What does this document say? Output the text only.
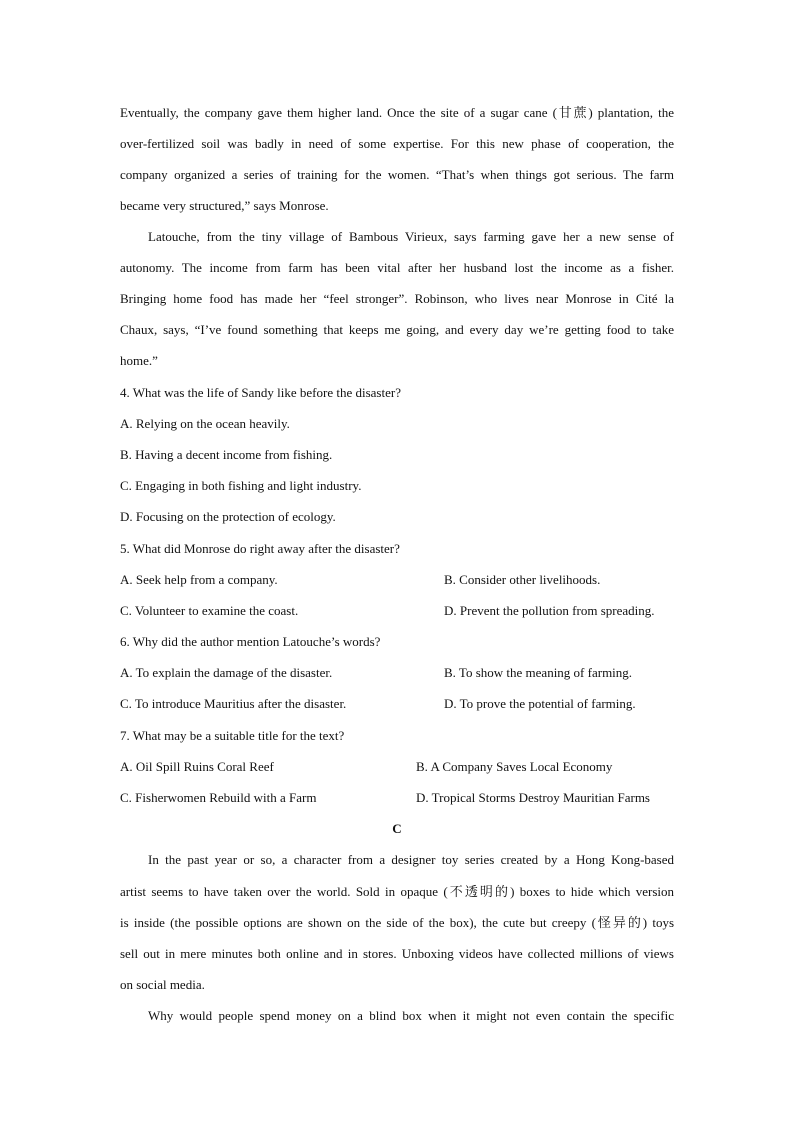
Eventually, the company gave them higher land. Once the site of a sugar cane (甘蔗) plantation, the
over-fertilized soil was badly in need of some expertise. For this new phase of cooperation, the
company organized a series of training for the women. “That’s when things got serious. The farm
became very structured,” says Monrose.
Latouche, from the tiny village of Bambous Virieux, says farming gave her a new sense of
autonomy. The income from farm has been vital after her husband lost the income as a fisher.
Bringing home food has made her “feel stronger”. Robinson, who lives near Monrose in Cité la
Chaux, says, “I’ve found something that keeps me going, and every day we’re getting food to take
home.”
4. What was the life of Sandy like before the disaster?
A. Relying on the ocean heavily.
B. Having a decent income from fishing.
C. Engaging in both fishing and light industry.
D. Focusing on the protection of ecology.
5. What did Monrose do right away after the disaster?
A. Seek help from a company.	B. Consider other livelihoods.
C. Volunteer to examine the coast.	D. Prevent the pollution from spreading.
6. Why did the author mention Latouche’s words?
A. To explain the damage of the disaster.	B. To show the meaning of farming.
C. To introduce Mauritius after the disaster.	D. To prove the potential of farming.
7. What may be a suitable title for the text?
A. Oil Spill Ruins Coral Reef	B. A Company Saves Local Economy
C. Fisherwomen Rebuild with a Farm	D. Tropical Storms Destroy Mauritian Farms
C
In the past year or so, a character from a designer toy series created by a Hong Kong-based
artist seems to have taken over the world. Sold in opaque (不透明的) boxes to hide which version
is inside (the possible options are shown on the side of the box), the cute but creepy (怪异的) toys
sell out in mere minutes both online and in stores. Unboxing videos have collected millions of views
on social media.
Why would people spend money on a blind box when it might not even contain the specific
